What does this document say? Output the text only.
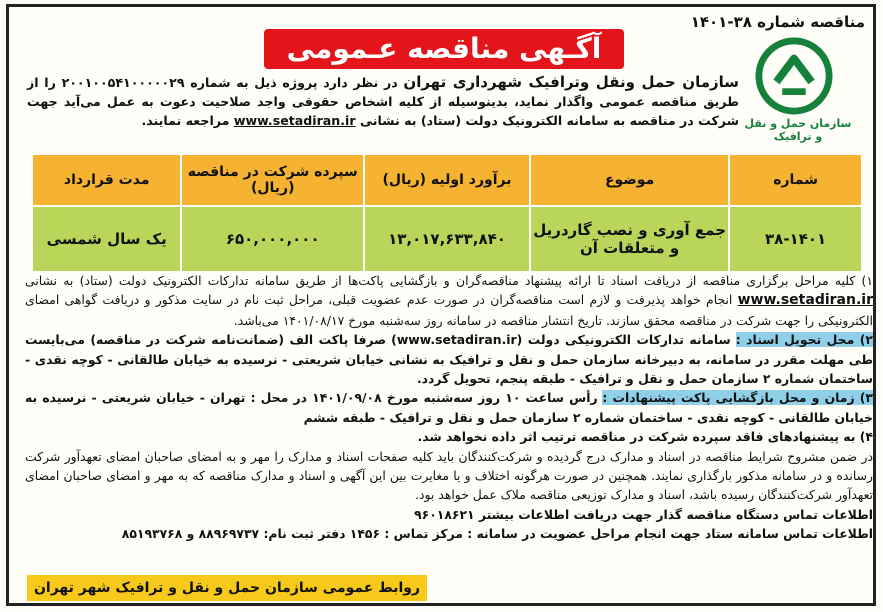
مناقصه شماره ۳۸-۱۴۰۱
آگـهی مناقصه عـمومی
سازمان حمل و نقل و ترافیک
سازمان حمل ونقل وترافیک شهرداری تهران در نظر دارد پروژه ذیل به شماره ۲۰۰۱۰۰۵۴۱۰۰۰۰۰۲۹ را از طریق مناقصه عمومی واگذار نماید، بدینوسیله از کلیه اشخاص حقوقی واجد صلاحیت دعوت به عمل می‌آید جهت شرکت در مناقصه به سامانه الکترونیک دولت (ستاد) به نشانی www.setadiran.ir مراجعه نمایند.
شماره	موضوع	برآورد اولیه (ریال)	سپرده شرکت در مناقصه (ریال)	مدت قرارداد
۳۸-۱۴۰۱	جمع آوری و نصب گاردریل و متعلقات آن	۱۳,۰۱۷,۶۳۳,۸۴۰	۶۵۰,۰۰۰,۰۰۰	یک سال شمسی

۱) کلیه مراحل برگزاری مناقصه از دریافت اسناد تا ارائه پیشنهاد مناقصه‌گران و بازگشایی پاکت‌ها از طریق سامانه تدارکات الکترونیک دولت (ستاد) به نشانی www.setadiran.ir انجام خواهد پذیرفت و لازم است مناقصه‌گران در صورت عدم عضویت قبلی، مراحل ثبت نام در سایت مذکور و دریافت گواهی امضای الکترونیکی را جهت شرکت در مناقصه محقق سازند. تاریخ انتشار مناقصه در سامانه روز سه‌شنبه مورخ ۱۴۰۱/۰۸/۱۷ می‌باشد.

۲) محل تحویل اسناد : سامانه تدارکات الکترونیکی دولت (www.setadiran.ir) صرفا پاکت الف (ضمانت‌نامه شرکت در مناقصه) می‌بایست طی مهلت مقرر در سامانه، به دبیرخانه سازمان حمل و نقل و ترافیک به نشانی خیابان شریعتی - نرسیده به خیابان طالقانی - کوچه نقدی - ساختمان شماره ۲ سازمان حمل و نقل و ترافیک - طبقه پنجم، تحویل گردد.

۳) زمان و محل بازگشایی پاکت پیشنهادات : رأس ساعت ۱۰ روز سه‌شنبه مورخ ۱۴۰۱/۰۹/۰۸ در محل : تهران - خیابان شریعتی - نرسیده به خیابان طالقانی - کوچه نقدی - ساختمان شماره ۲ سازمان حمل و نقل و ترافیک - طبقه ششم

۴) به پیشنهادهای فاقد سپرده شرکت در مناقصه ترتیب اثر داده نخواهد شد.

در ضمن مشروح شرایط مناقصه در اسناد و مدارک درج گردیده و شرکت‌کنندگان باید کلیه صفحات اسناد و مدارک را مهر و به امضای صاحبان امضای تعهدآور شرکت رسانده و در سامانه مذکور بارگذاری نمایند. همچنین در صورت هرگونه اختلاف و یا مغایرت بین این آگهی و اسناد و مدارک مناقصه که به مهر و امضای صاحبان امضای تعهدآور شرکت‌کنندگان رسیده باشد، اسناد و مدارک توزیعی مناقصه ملاک عمل خواهد بود.

اطلاعات تماس دستگاه مناقصه گذار جهت دریافت اطلاعات بیشتر ۹۶۰۱۸۶۲۱

اطلاعات تماس سامانه ستاد جهت انجام مراحل عضویت در سامانه : مرکز تماس : ۱۴۵۶ دفتر ثبت نام: ۸۸۹۶۹۷۳۷ و ۸۵۱۹۳۷۶۸

روابط عمومی سازمان حمل و نقل و ترافیک شهر تهران
